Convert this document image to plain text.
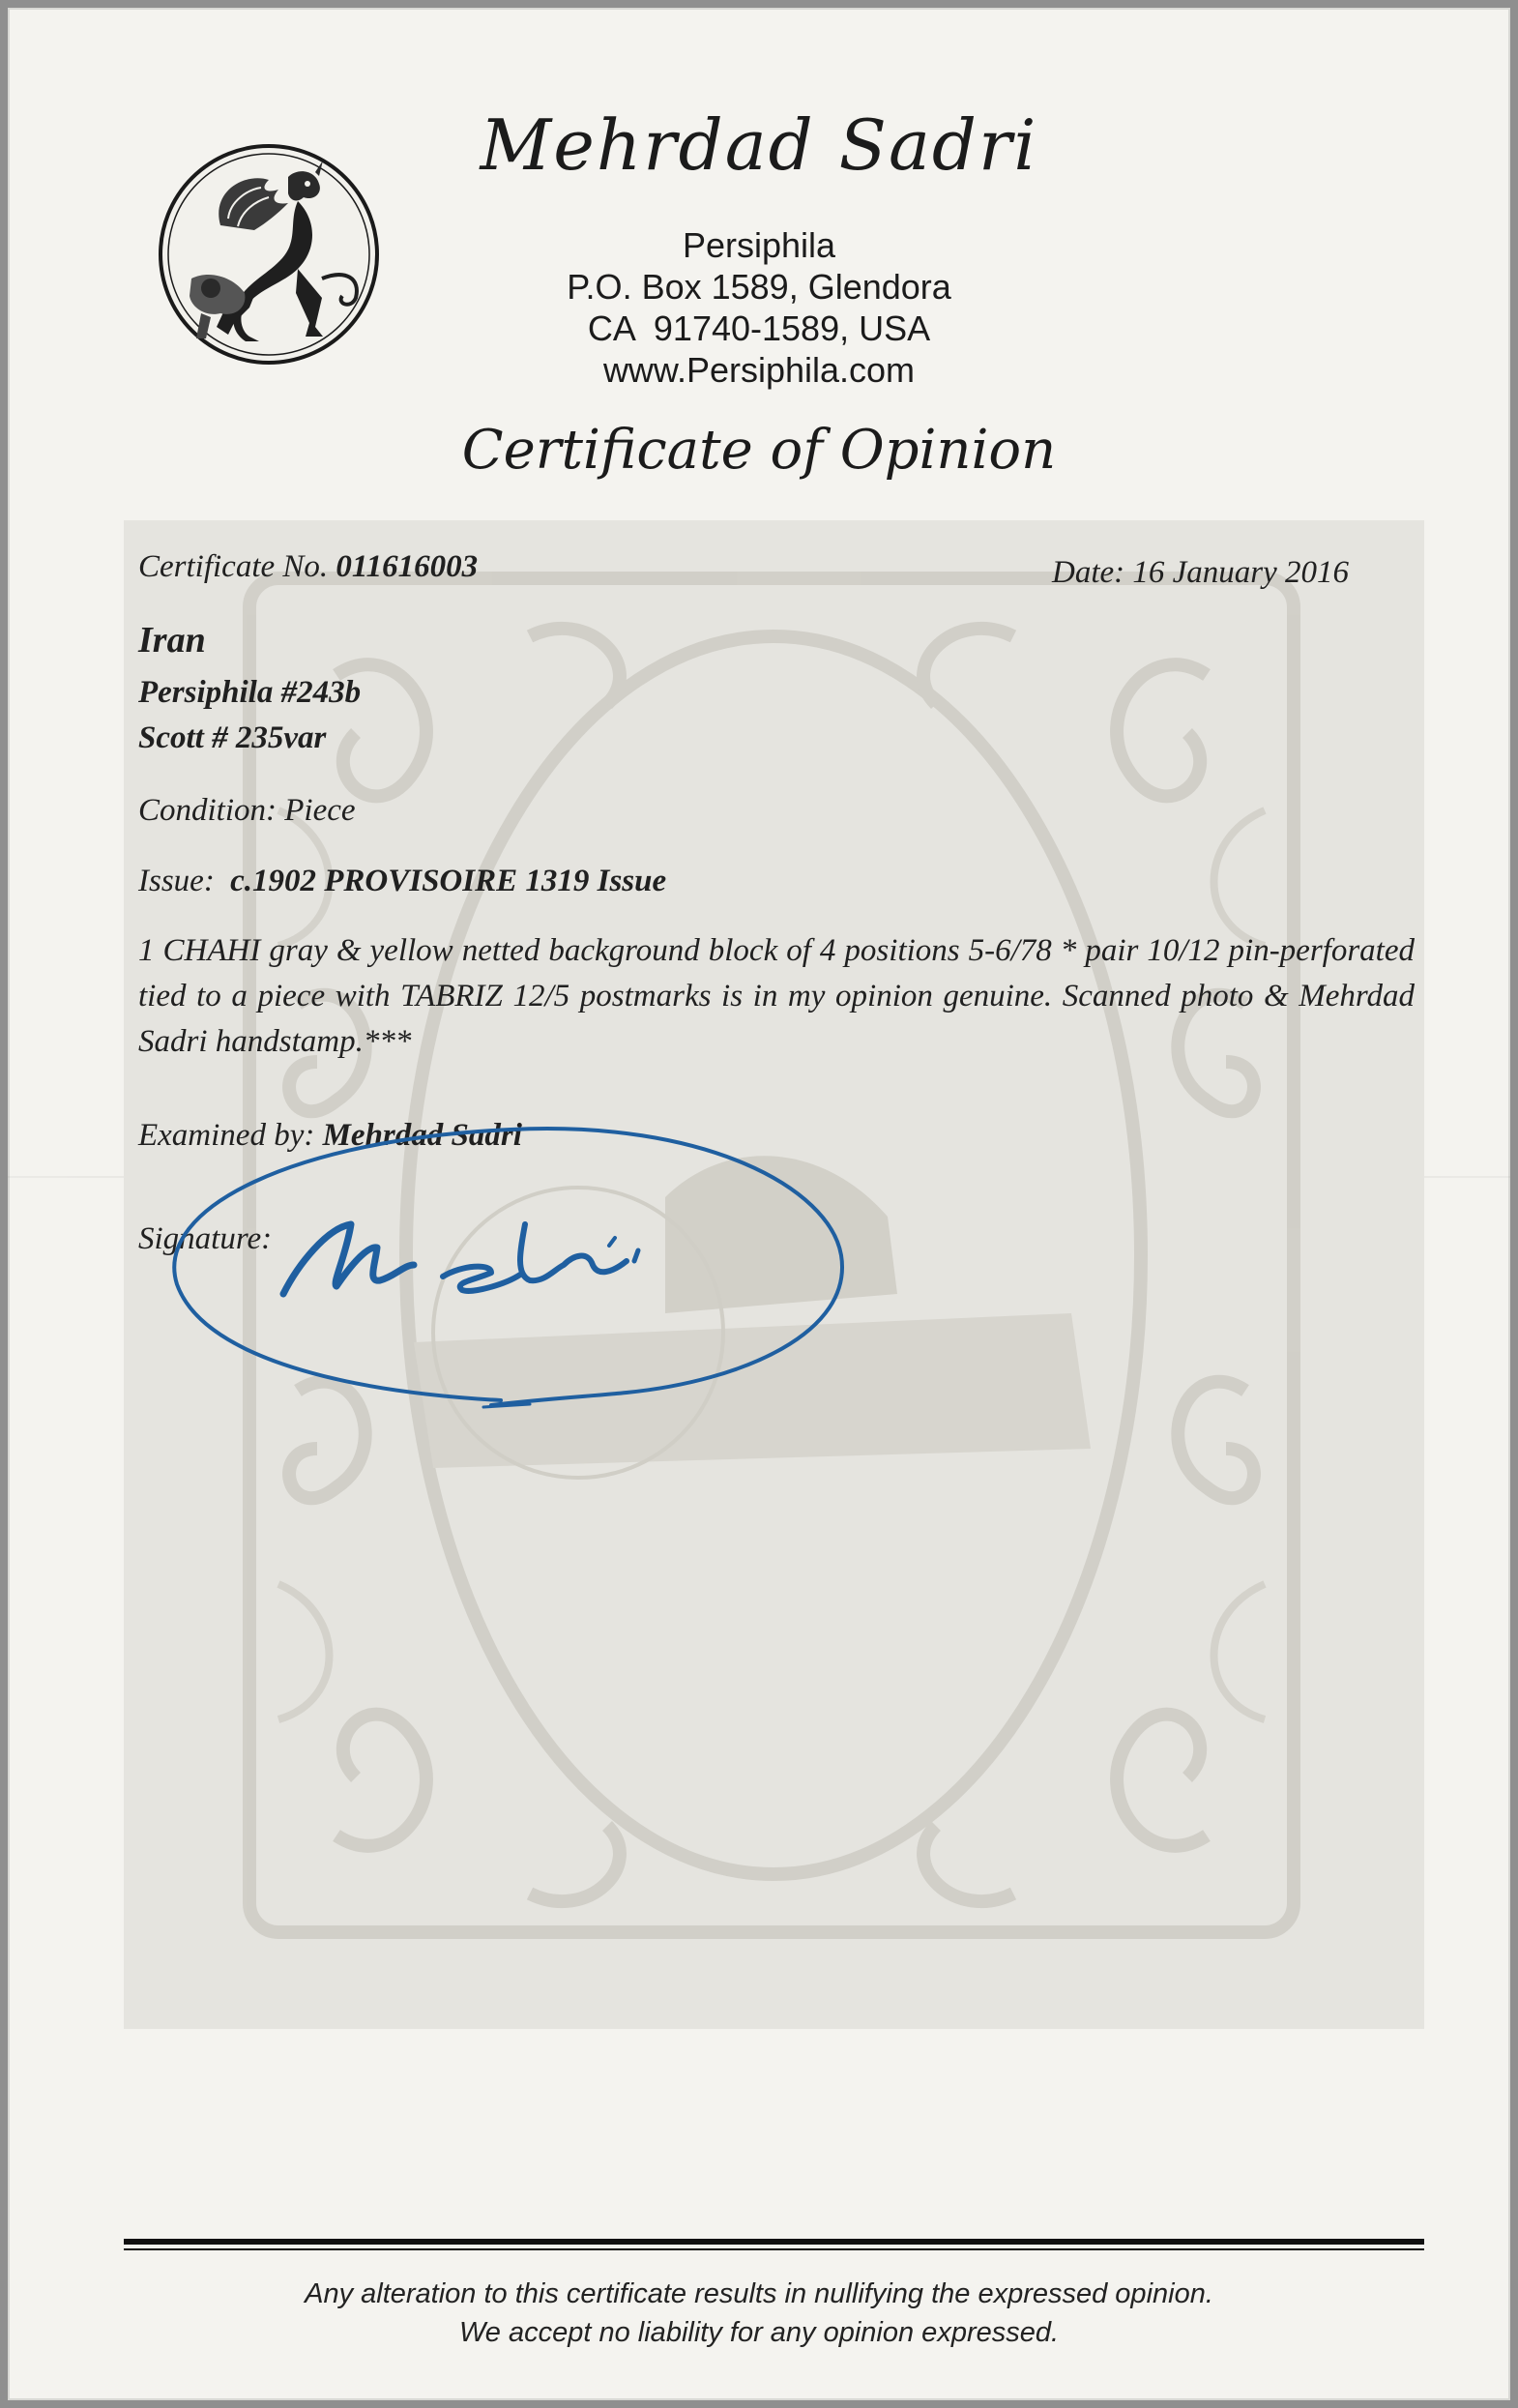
Mehrdad Sadri
Persiphila
P.O. Box 1589, Glendora
CA  91740-1589, USA
www.Persiphila.com
Certificate of Opinion
Certificate No. 011616003	Date: 16 January 2016
Iran
Persiphila #243b
Scott # 235var
Condition: Piece
Issue: c.1902 PROVISOIRE 1319 Issue
1 CHAHI gray & yellow netted background block of 4 positions 5-6/78 * pair 10/12 pin-perforated tied to a piece with TABRIZ 12/5 postmarks is in my opinion genuine. Scanned photo & Mehrdad Sadri handstamp.***
Examined by: Mehrdad Sadri
Signature:
Any alteration to this certificate results in nullifying the expressed opinion.
We accept no liability for any opinion expressed.
